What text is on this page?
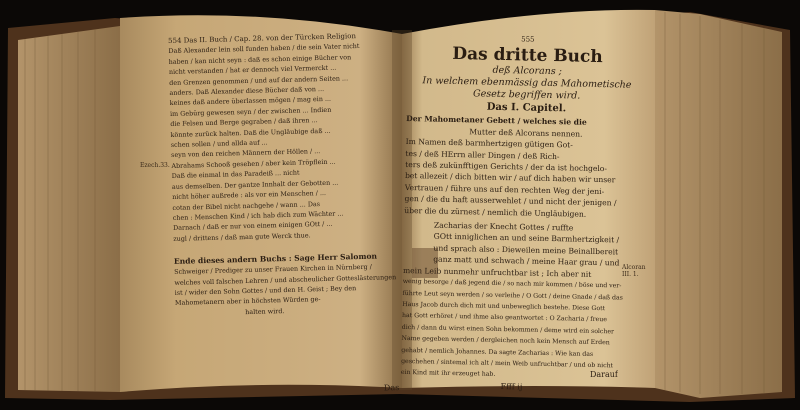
554 Das II. Buch / Cap. 28. von der Türcken Religion
Daß Alexander lein soll funden haben / die sein Vater nicht
haben / kan nicht seyn : daß es schon einige Bücher von
nicht verstanden / hat er dennoch viel Vermerckt ...
den Grenzen genommen / und auf der andern Seiten ...
anders. Daß Alexander diese Bücher daß von ...
keines daß andere überlassen mögen / mag ein ...
im Gebürg gewesen seyn / der zwischen ... Indien
die Felsen und Berge gegraben / daß ihren ...
könnte zurück halten. Daß die Ungläubige daß ...
schen sollen / und allda auf ...
seyn von den reichen Männern der Höllen / ...
Abrahams Schooß gesehen / aber kein Tröpflein ...
Daß die einmal in das Paradeiß ... nicht
aus demselben. Der gantze Innhalt der Gebotten ...
nicht höher außrede : als vor ein Menschen / ...
cotan der Bibel nicht nachgehe / wann ... Das
chen : Menschen Kind / ich hab dich zum Wächter ...
Darnach / daß er nur von einem einigen GOtt / ...
zugl / drittens / daß man gute Werck thue.
Ende dieses andern Buchs : Sage Herr Salomon
Schweiger / Prediger zu unser Frauen Kirchen in Nürnberg /
welches voll falschen Lehren / und abscheulicher Gotteslästerungen
ist / wider den Sohn Gottes / und den H. Geist ; Bey den
Mahometanern aber in höchsten Würden ge-
halten wird.
Das
Ezech.33.
555
Das dritte Buch
deß Alcorans ;
In welchem ebenmässig das Mahometische
Gesetz begriffen wird.
Das I. Capitel.
Der Mahometaner Gebett / welches sie die
Mutter deß Alcorans nennen.
Im Namen deß barmhertzigen gütigen Got-
tes / deß HErrn aller Dingen / deß Rich-
ters deß zukünfftigen Gerichts / der da ist hochgelo-
bet allezeit / dich bitten wir / auf dich haben wir unser
Vertrauen / führe uns auf den rechten Weg der jeni-
gen / die du haft ausserwehlet / und nicht der jenigen /
über die du zürnest / nemlich die Ungläubigen.
Zacharias der Knecht Gottes / ruffte
GOtt inniglichen an und seine Barmhertzigkeit /
und sprach also : Dieweilen meine Beinallbereit
ganz matt und schwach / meine Haar grau / und
mein Leib nunmehr unfruchtbar ist ; Ich aber nit
wenig besorge / daß jegend die / so nach mir kommen / böse und ver-
führte Leut seyn werden / so verleihe / O Gott / deine Gnade / daß das
Haus Jacob durch dich mit und unbeweglich bestehe. Diese Gott
hat Gott erhöret / und ihme also geantwortet : O Zacharia / freue
dich / dann du wirst einen Sohn bekommen / deme wird ein solcher
Name gegeben werden / dergleichen noch kein Mensch auf Erden
gehabt / nemlich Johannes. Da sagte Zacharias : Wie kan das
geschehen / sintemal ich alt / mein Weib unfruchtbar / und ob nicht
ein Kind mit ihr erzeuget hab.
Ffff ij
Alcoran III. 1.
Darauf
